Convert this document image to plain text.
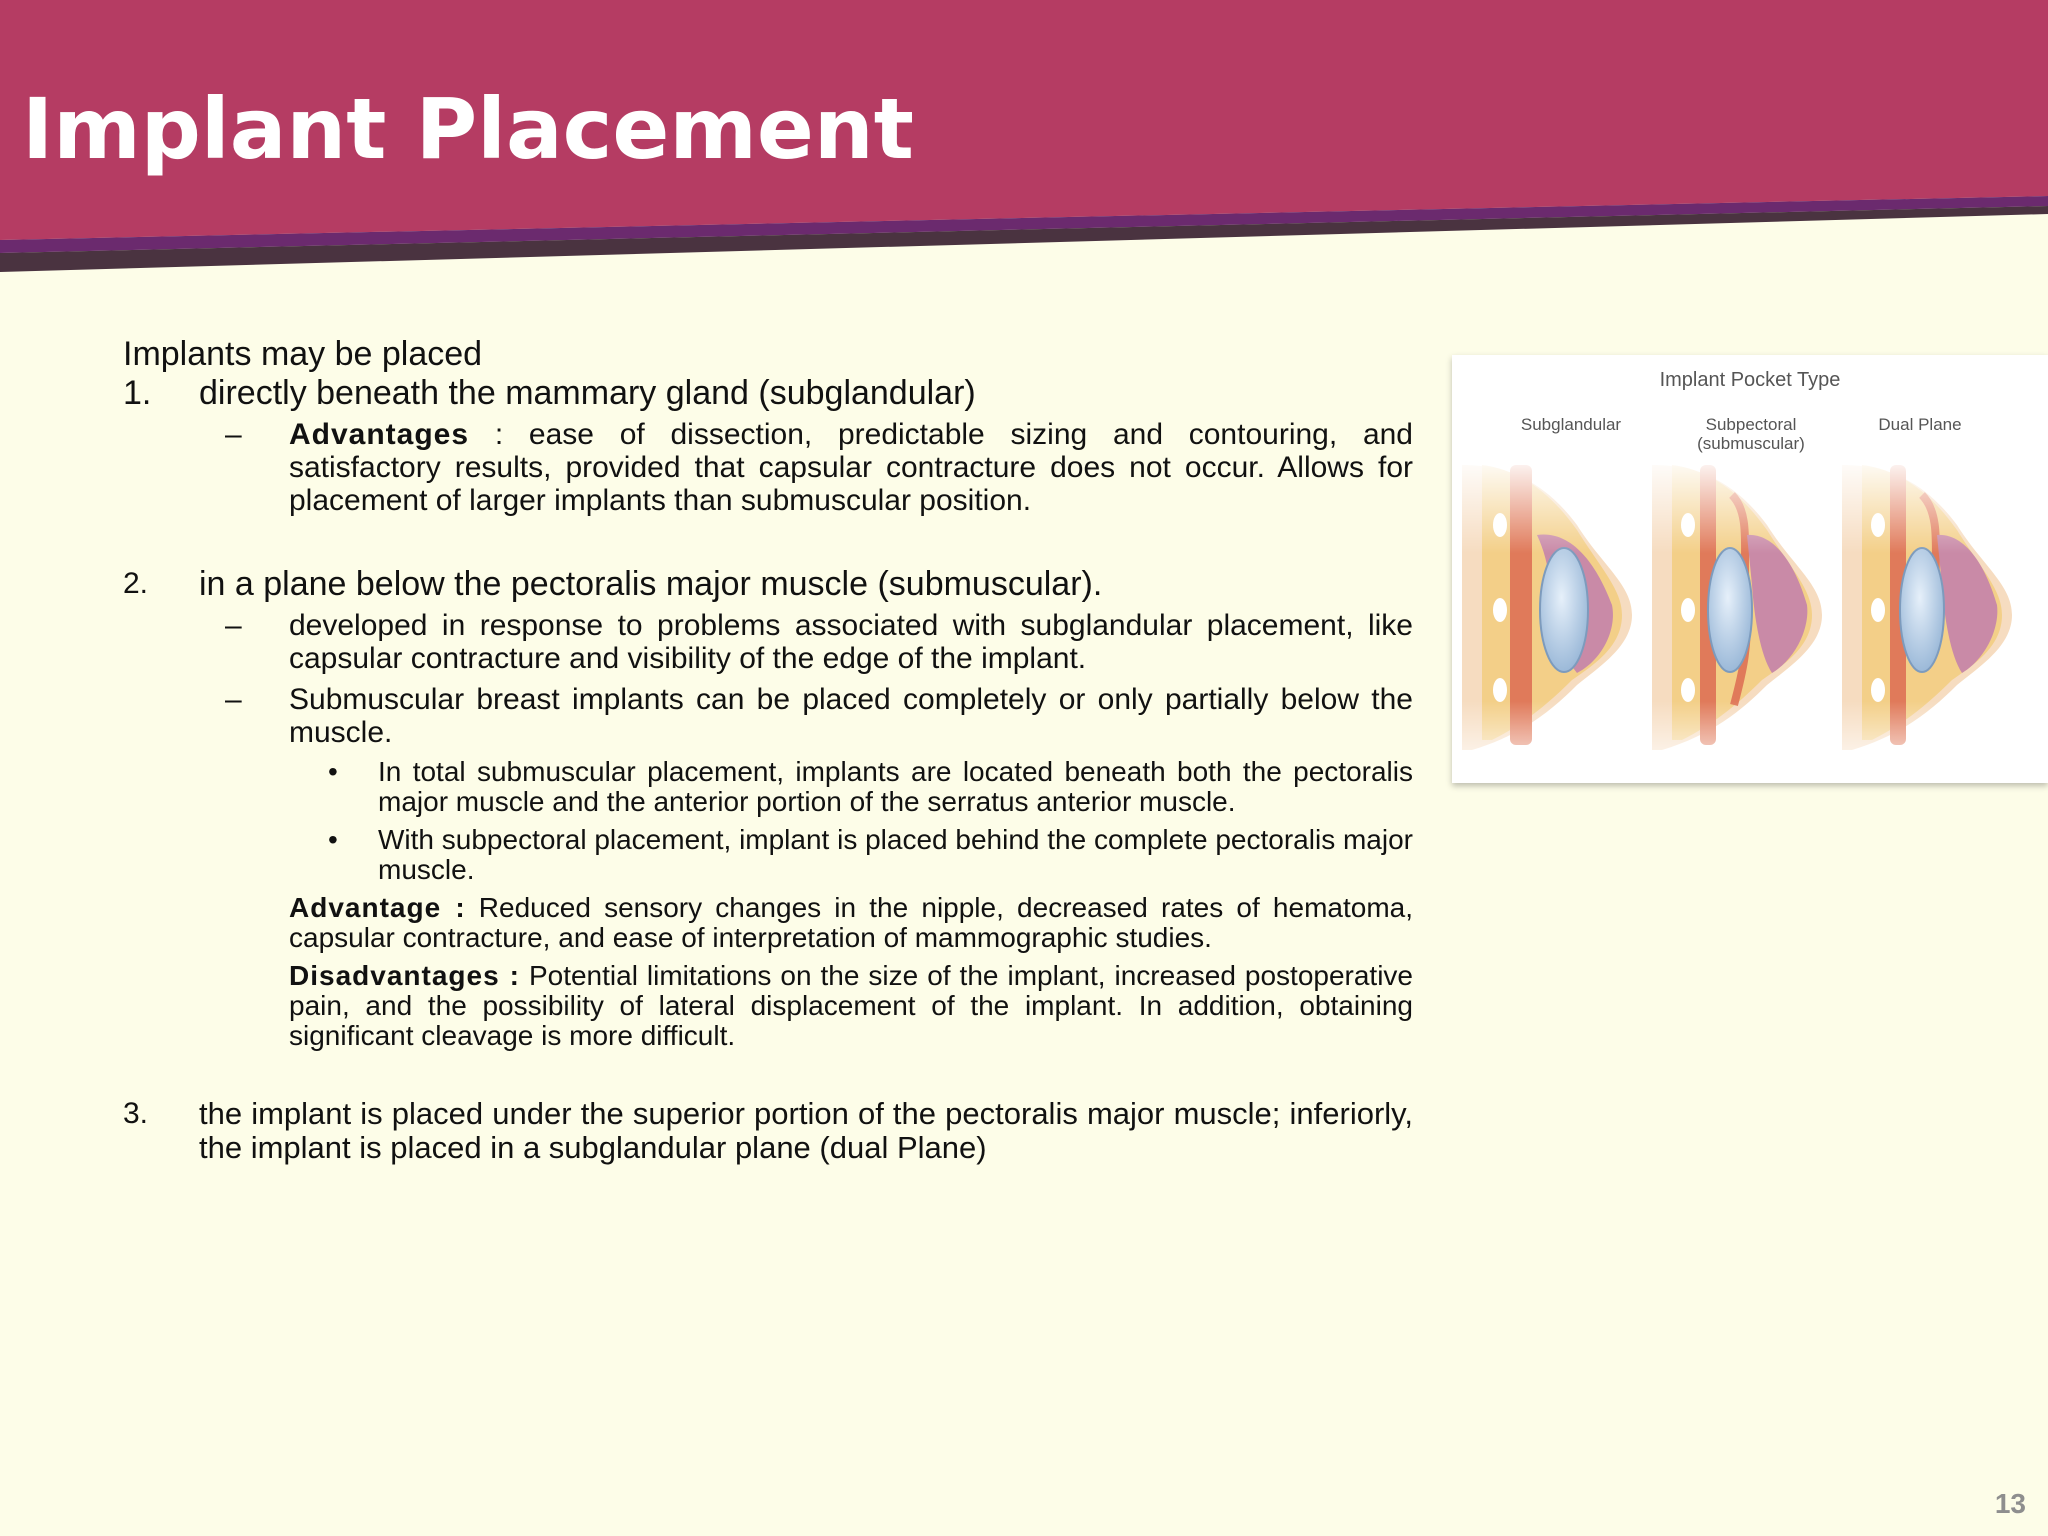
Implant Placement

Implants may be placed

1. directly beneath the mammary gland (subglandular)
– Advantages : ease of dissection, predictable sizing and contouring, and satisfactory results, provided that capsular contracture does not occur. Allows for placement of larger implants than submuscular position.
2. in a plane below the pectoralis major muscle (submuscular).
– developed in response to problems associated with subglandular placement, like capsular contracture and visibility of the edge of the implant.
– Submuscular breast implants can be placed completely or only partially below the muscle.
• In total submuscular placement, implants are located beneath both the pectoralis major muscle and the anterior portion of the serratus anterior muscle.
• With subpectoral placement, implant is placed behind the complete pectoralis major muscle.
Advantage : Reduced sensory changes in the nipple, decreased rates of hematoma, capsular contracture, and ease of interpretation of mammographic studies.
Disadvantages : Potential limitations on the size of the implant, increased postoperative pain, and the possibility of lateral displacement of the implant. In addition, obtaining significant cleavage is more difficult.
3. the implant is placed under the superior portion of the pectoralis major muscle; inferiorly, the implant is placed in a subglandular plane (dual Plane)
Implant Pocket Type
Subglandular	Subpectoral
(submuscular)
Dual Plane
13
